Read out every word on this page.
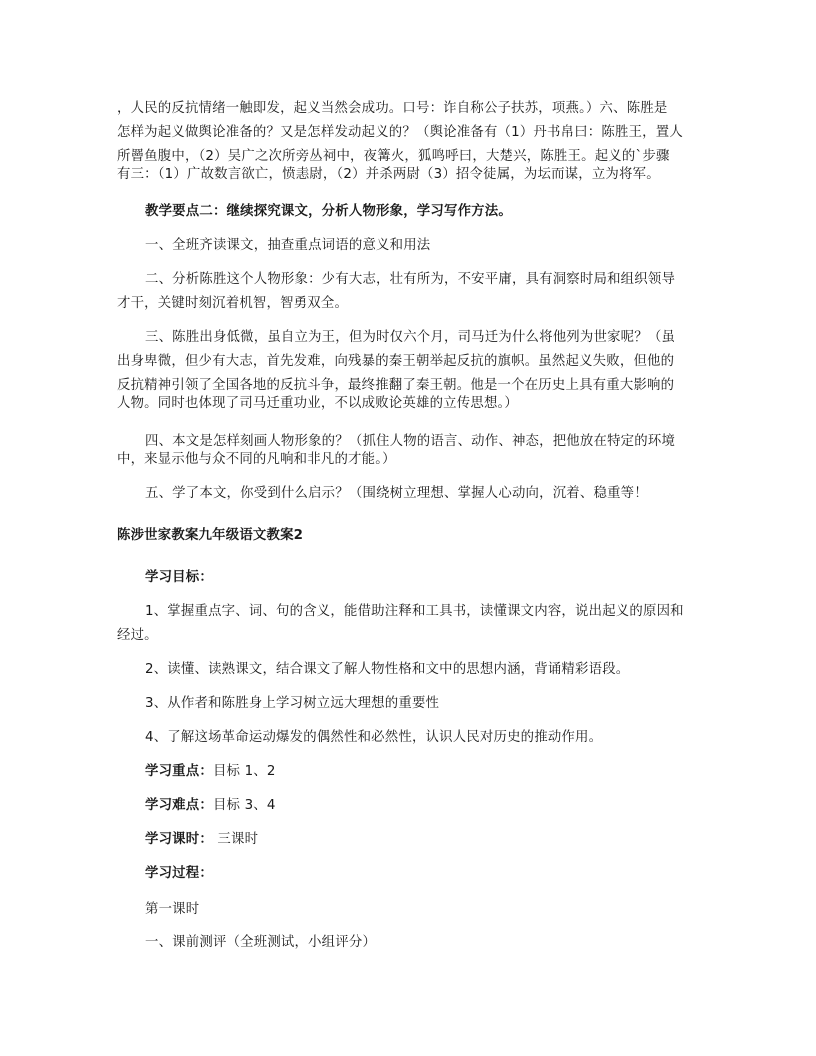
，人民的反抗情绪一触即发，起义当然会成功。口号：诈自称公子扶苏，项燕。）六、陈胜是
怎样为起义做舆论准备的？又是怎样发动起义的？（舆论准备有（1）丹书帛曰：陈胜王，置人
所罾鱼腹中，（2）吴广之次所旁丛祠中，夜篝火，狐鸣呼曰，大楚兴，陈胜王。起义的`步骤
有三：（1）广故数言欲亡，愤恚尉，（2）并杀两尉（3）招令徒属，为坛而谋，立为将军。
教学要点二：继续探究课文，分析人物形象，学习写作方法。
一、全班齐读课文，抽查重点词语的意义和用法
二、分析陈胜这个人物形象：少有大志，壮有所为，不安平庸，具有洞察时局和组织领导
才干，关键时刻沉着机智，智勇双全。
三、陈胜出身低微，虽自立为王，但为时仅六个月，司马迁为什么将他列为世家呢？（虽
出身卑微，但少有大志，首先发难，向残暴的秦王朝举起反抗的旗帜。虽然起义失败，但他的
反抗精神引领了全国各地的反抗斗争，最终推翻了秦王朝。他是一个在历史上具有重大影响的
人物。同时也体现了司马迁重功业，不以成败论英雄的立传思想。）
四、本文是怎样刻画人物形象的？（抓住人物的语言、动作、神态，把他放在特定的环境
中，来显示他与众不同的凡响和非凡的才能。）
五、学了本文，你受到什么启示？（围绕树立理想、掌握人心动向，沉着、稳重等！
陈涉世家教案九年级语文教案2
学习目标：
1、掌握重点字、词、句的含义，能借助注释和工具书，读懂课文内容，说出起义的原因和
经过。
2、读懂、读熟课文，结合课文了解人物性格和文中的思想内涵，背诵精彩语段。
3、从作者和陈胜身上学习树立远大理想的重要性
4、了解这场革命运动爆发的偶然性和必然性，认识人民对历史的推动作用。
学习重点：目标 1、2
学习难点：目标 3、4
学习课时： 三课时
学习过程：
第一课时
一、课前测评（全班测试，小组评分）
